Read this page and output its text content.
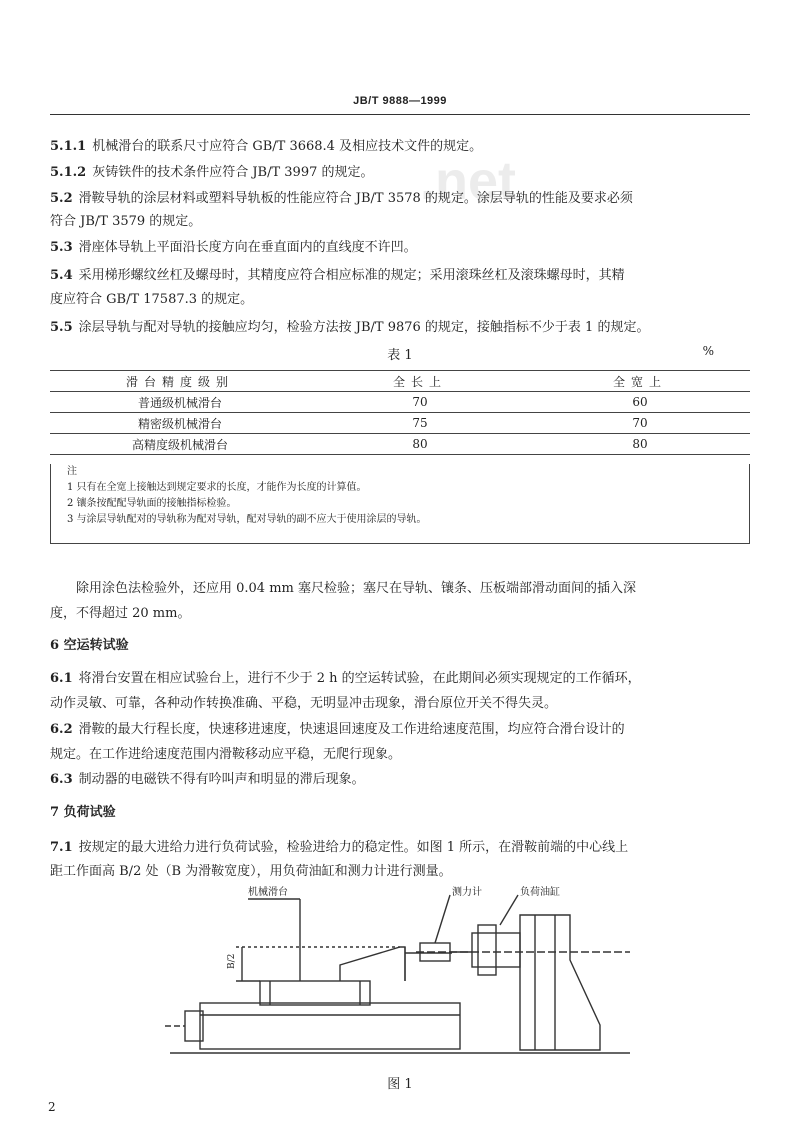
.net
JB/T 9888—1999
5.1.1 机械滑台的联系尺寸应符合 GB/T 3668.4 及相应技术文件的规定。
5.1.2 灰铸铁件的技术条件应符合 JB/T 3997 的规定。
5.2 滑鞍导轨的涂层材料或塑料导轨板的性能应符合 JB/T 3578 的规定。涂层导轨的性能及要求必须
符合 JB/T 3579 的规定。
5.3 滑座体导轨上平面沿长度方向在垂直面内的直线度不许凹。
5.4 采用梯形螺纹丝杠及螺母时，其精度应符合相应标准的规定；采用滚珠丝杠及滚珠螺母时，其精
度应符合 GB/T 17587.3 的规定。
5.5 涂层导轨与配对导轨的接触应均匀，检验方法按 JB/T 9876 的规定，接触指标不少于表 1 的规定。
表 1	%
滑台精度级别	全长上	全宽上
普通级机械滑台	70	60
精密级机械滑台	75	70
高精度级机械滑台	80	80
注
1 只有在全宽上接触达到规定要求的长度，才能作为长度的计算值。
2 镶条按配配导轨面的接触指标检验。
3 与涂层导轨配对的导轨称为配对导轨，配对导轨的副不应大于使用涂层的导轨。
除用涂色法检验外，还应用 0.04 mm 塞尺检验；塞尺在导轨、镶条、压板端部滑动面间的插入深
度，不得超过 20 mm。
6 空运转试验
6.1 将滑台安置在相应试验台上，进行不少于 2 h 的空运转试验，在此期间必须实现规定的工作循环，
动作灵敏、可靠，各种动作转换准确、平稳，无明显冲击现象，滑台原位开关不得失灵。
6.2 滑鞍的最大行程长度，快速移进速度，快速退回速度及工作进给速度范围，均应符合滑台设计的
规定。在工作进给速度范围内滑鞍移动应平稳，无爬行现象。
6.3 制动器的电磁铁不得有吟叫声和明显的滞后现象。
7 负荷试验
7.1 按规定的最大进给力进行负荷试验，检验进给力的稳定性。如图 1 所示，在滑鞍前端的中心线上
距工作面高 B/2 处（B 为滑鞍宽度），用负荷油缸和测力计进行测量。
机械滑台	测力计	负荷油缸
B/2
图 1
2
